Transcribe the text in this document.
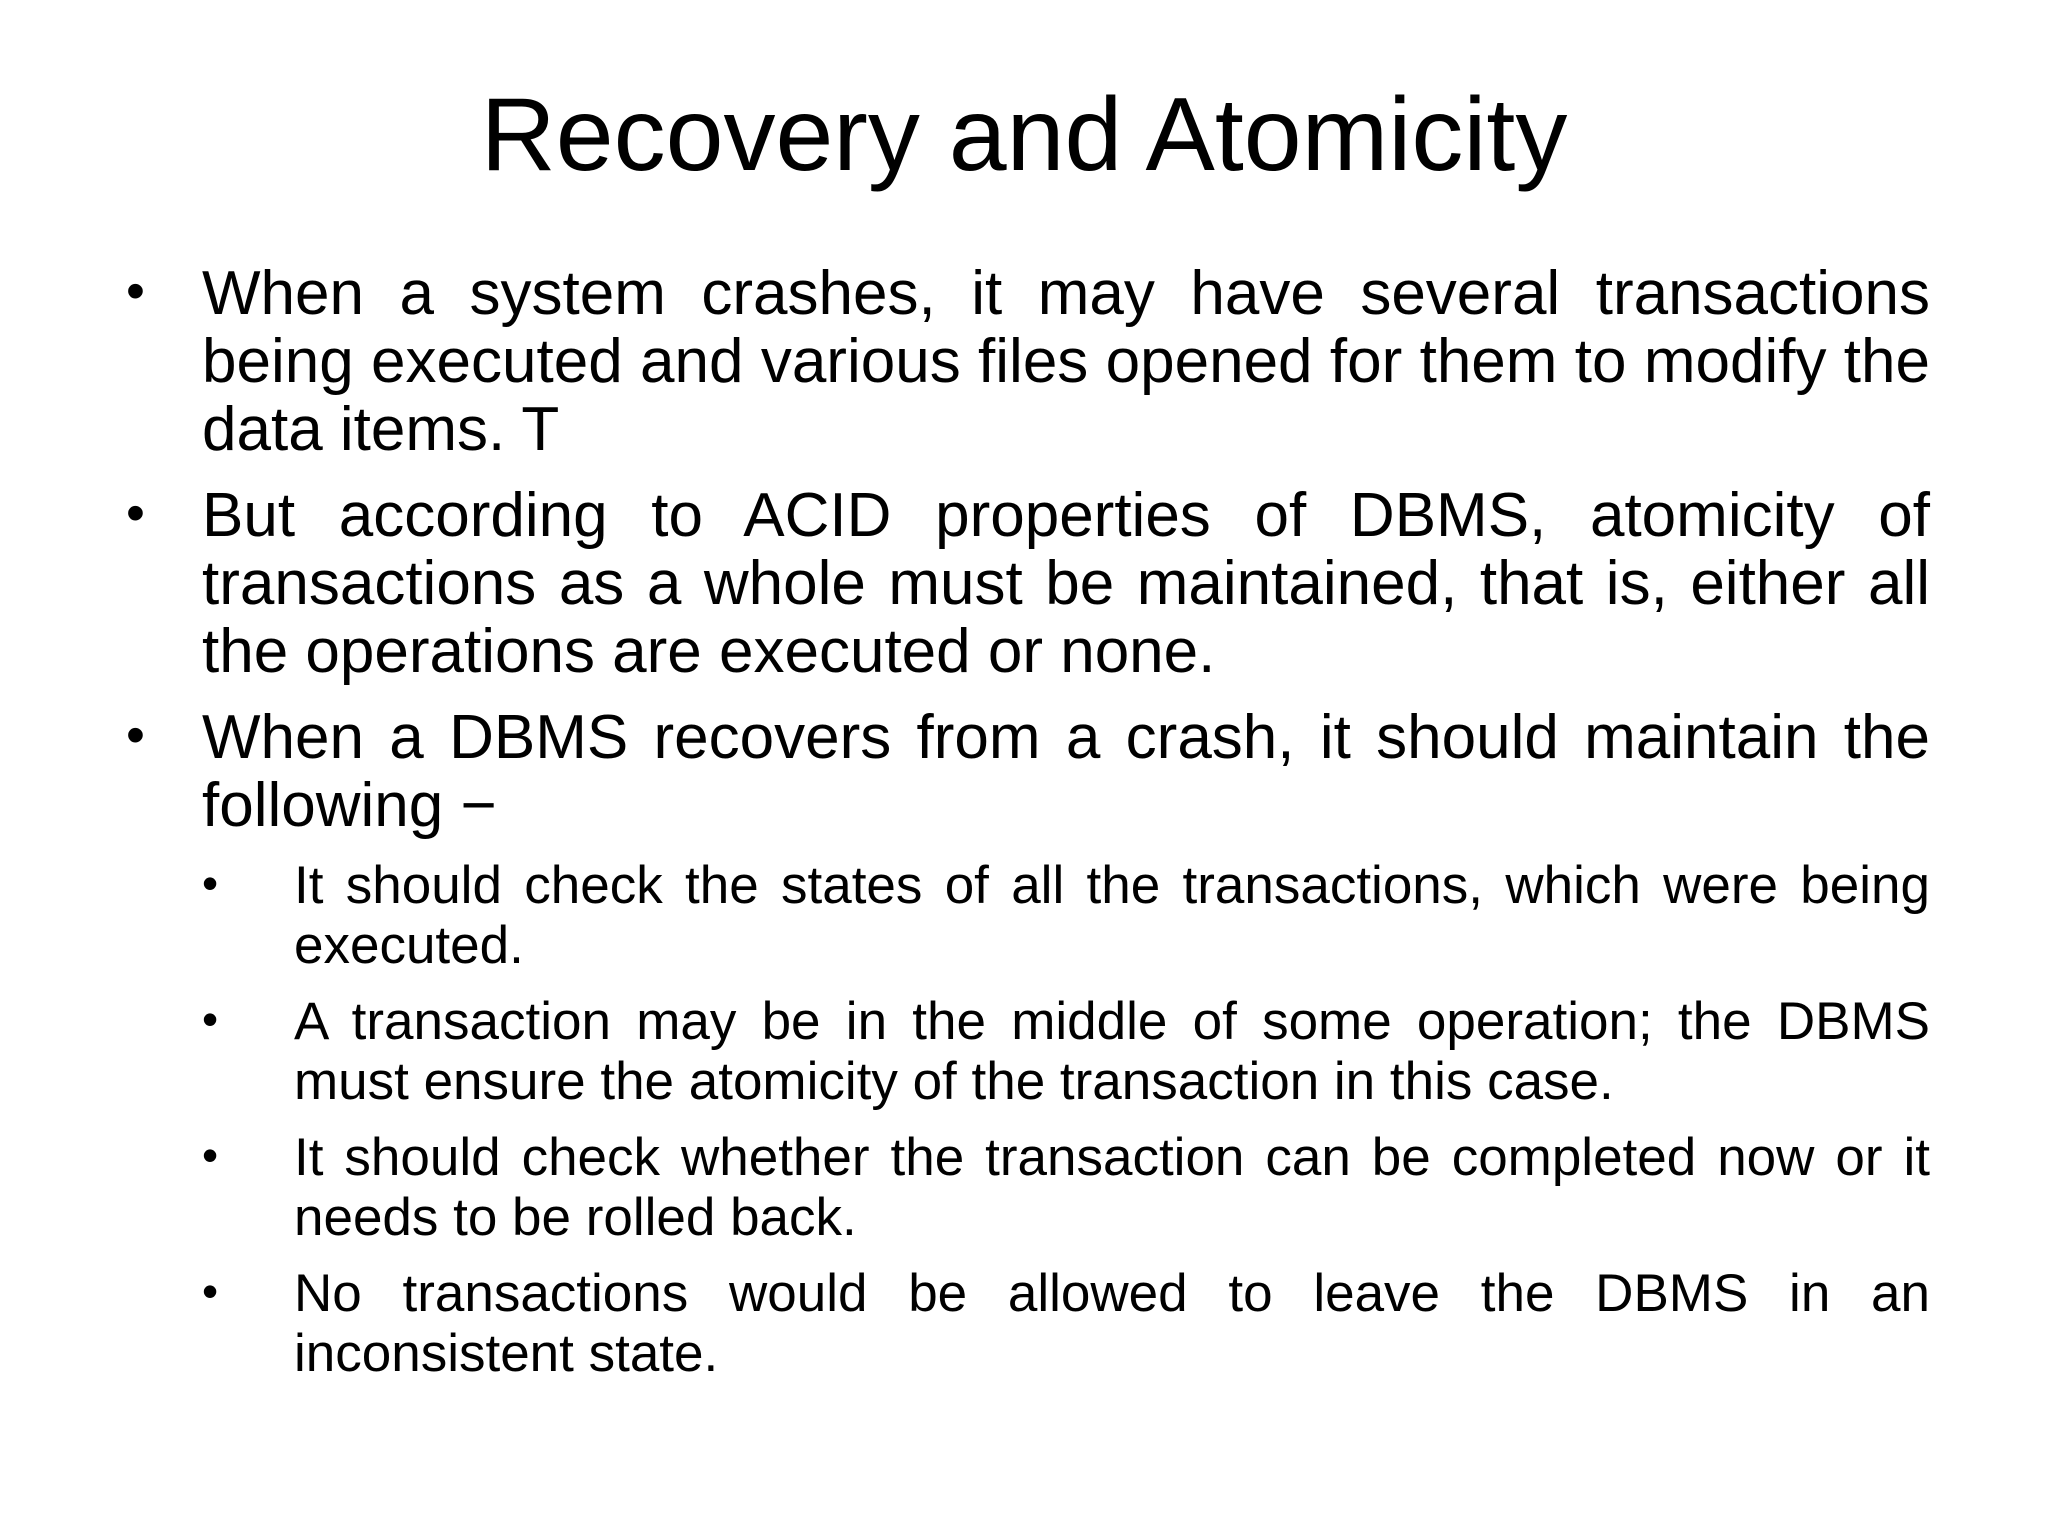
Recovery and Atomicity
• When a system crashes, it may have several transactions being executed and various files opened for them to modify the data items. T
• But according to ACID properties of DBMS, atomicity of transactions as a whole must be maintained, that is, either all the operations are executed or none.
• When a DBMS recovers from a crash, it should maintain the following −
• It should check the states of all the transactions, which were being executed.
• A transaction may be in the middle of some operation; the DBMS must ensure the atomicity of the transaction in this case.
• It should check whether the transaction can be completed now or it needs to be rolled back.
• No transactions would be allowed to leave the DBMS in an inconsistent state.
